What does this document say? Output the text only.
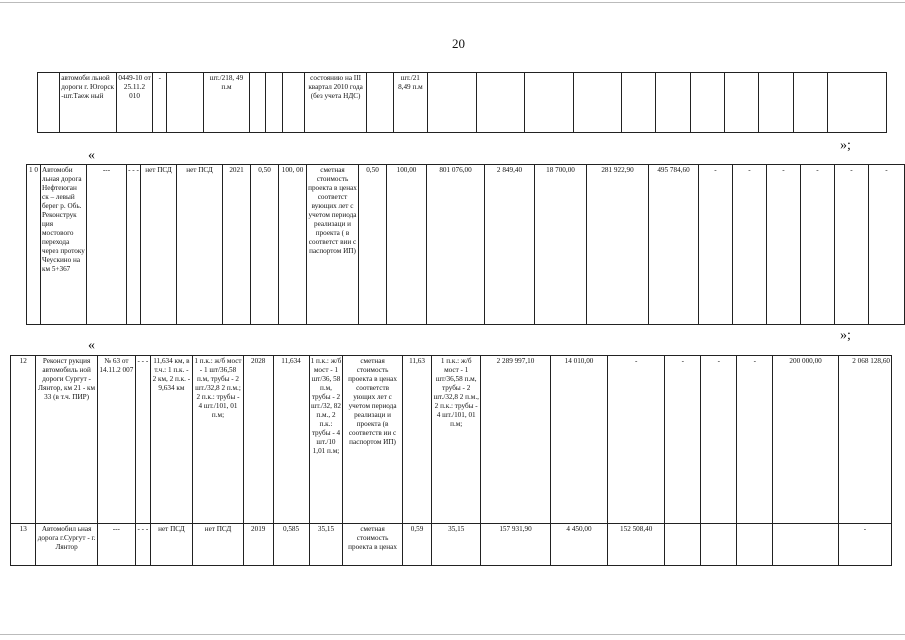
20
	автомоби льной дороги г. Югорск -шт.Таеж ный	0449-10 от 25.11.2 010	-		шт./218, 49 п.м				состоянию на III квартал 2010 года (без учета НДС)		шт./21 8,49 п.м											
»;
«
1 0	Автомоби льная дорога Нефтеюган ск – левый берег р. Обь. Реконструк ция мостового перехода через протоку Чеускино на км 5+367	---	- - -	нет ПСД	нет ПСД	2021	0,50	100, 00	сметная стоимость проекта в ценах соответст вующих лет с учетом периода реализаци и проекта ( в соответст вии с паспортом ИП)	0,50	100,00	801 076,00	2 849,40	18 700,00	281 922,90	495 784,60	-	-	-	-	-	-
»;
«
12	Реконст рукция автомобиль ной дороги Сургут - Лянтор, км 21 - км 33 (в т.ч. ПИР)	№ 63 от 14.11.2 007	- - -	11,634 км, в т.ч.: 1 п.к. - 2 км, 2 п.к. - 9,634 км	1 п.к.: ж/б мост - 1 шт/36,58 п.м, трубы - 2 шт./32,8 2 п.м.; 2 п.к.: трубы - 4 шт./101, 01 п.м;	2028	11,634	1 п.к.: ж/б мост - 1 шт/36, 58 п.м, трубы - 2 шт./32, 82 п.м., 2 п.к.: трубы - 4 шт./10 1,01 п.м;	сметная стоимость проекта в ценах соответств ующих лет с учетом периода реализаци и проекта (в соответств ии с паспортом ИП)	11,63	1 п.к.: ж/б мост - 1 шт/36,58 п.м, трубы - 2 шт./32,8 2 п.м., 2 п.к.: трубы - 4 шт./101, 01 п.м;	2 289 997,10	14 010,00	-	-	-	-	200 000,00	2 068 128,60
13	Автомобил ьная дорога г.Сургут - г. Лянтор	---	- - -	нет ПСД	нет ПСД	2019	0,585	35,15	сметная стоимость проекта в ценах	0,59	35,15	157 931,90	4 450,00	152 508,40					-
